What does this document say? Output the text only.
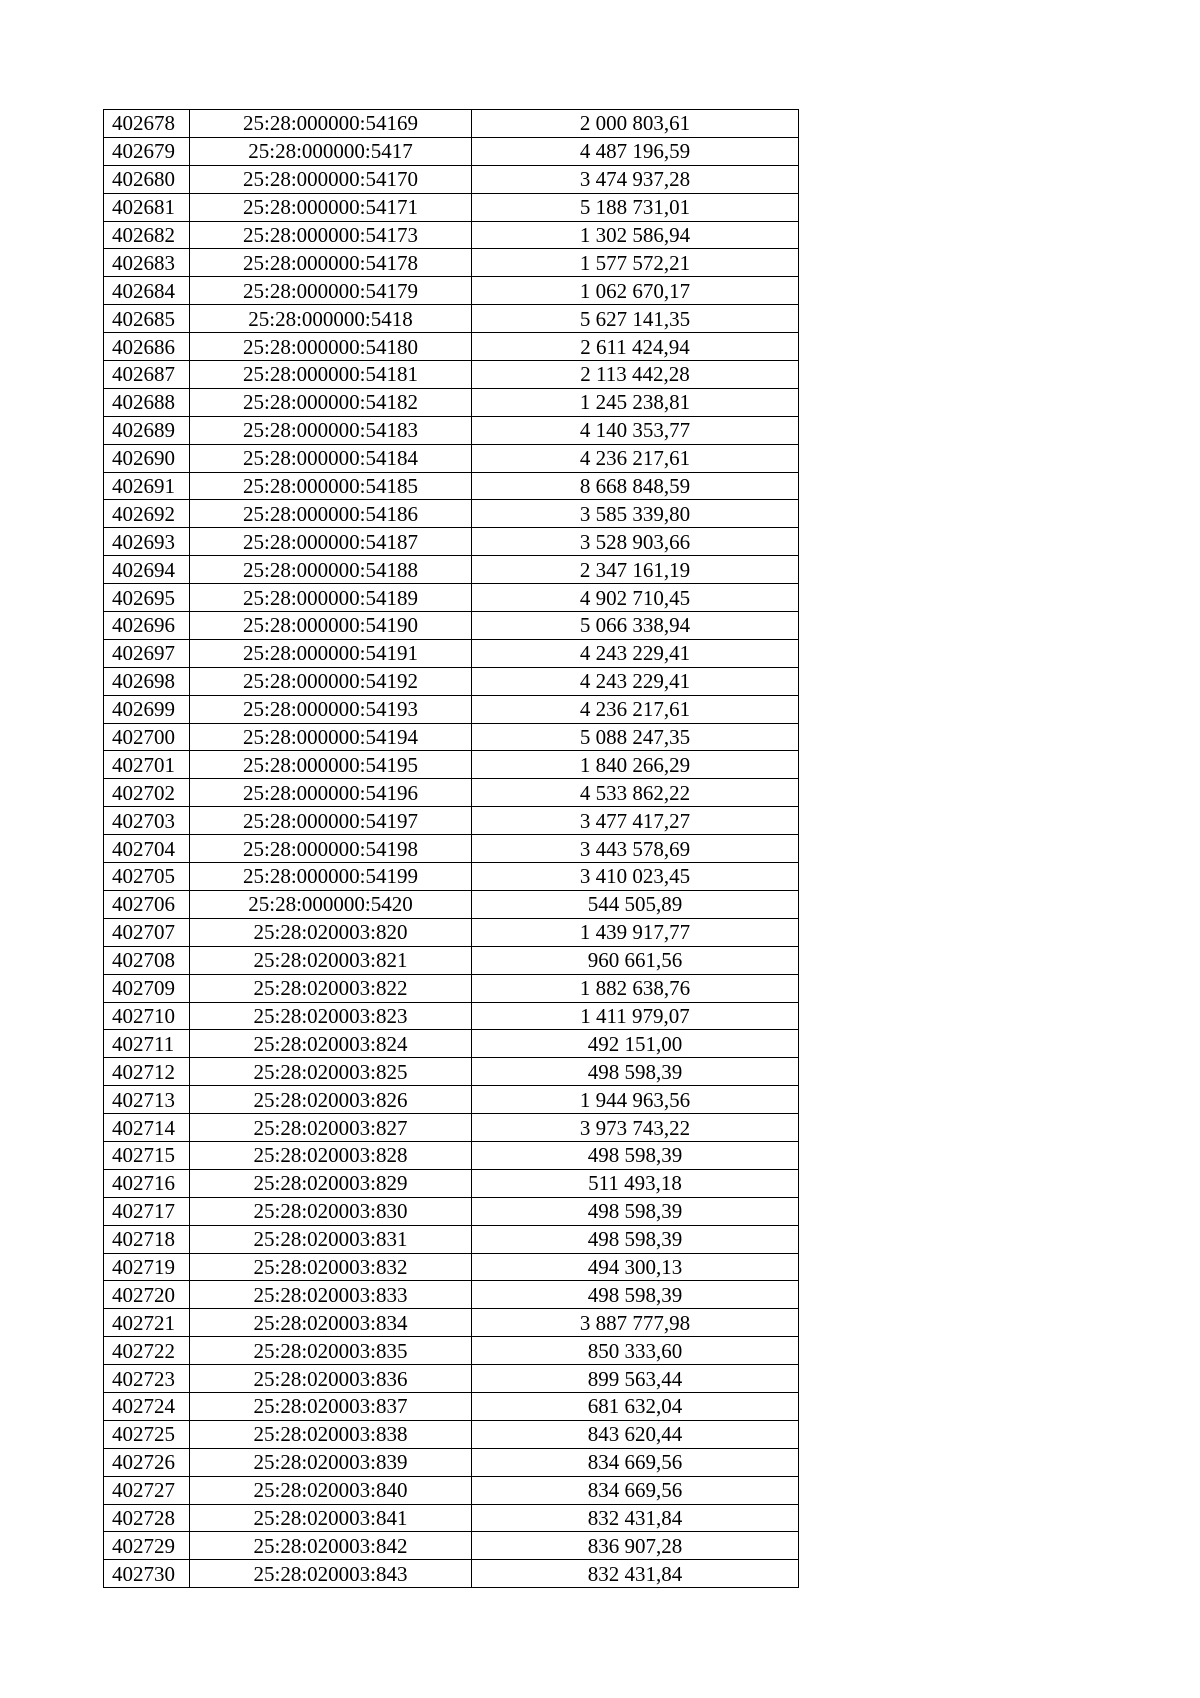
402678	25:28:000000:54169	2 000 803,61
402679	25:28:000000:5417	4 487 196,59
402680	25:28:000000:54170	3 474 937,28
402681	25:28:000000:54171	5 188 731,01
402682	25:28:000000:54173	1 302 586,94
402683	25:28:000000:54178	1 577 572,21
402684	25:28:000000:54179	1 062 670,17
402685	25:28:000000:5418	5 627 141,35
402686	25:28:000000:54180	2 611 424,94
402687	25:28:000000:54181	2 113 442,28
402688	25:28:000000:54182	1 245 238,81
402689	25:28:000000:54183	4 140 353,77
402690	25:28:000000:54184	4 236 217,61
402691	25:28:000000:54185	8 668 848,59
402692	25:28:000000:54186	3 585 339,80
402693	25:28:000000:54187	3 528 903,66
402694	25:28:000000:54188	2 347 161,19
402695	25:28:000000:54189	4 902 710,45
402696	25:28:000000:54190	5 066 338,94
402697	25:28:000000:54191	4 243 229,41
402698	25:28:000000:54192	4 243 229,41
402699	25:28:000000:54193	4 236 217,61
402700	25:28:000000:54194	5 088 247,35
402701	25:28:000000:54195	1 840 266,29
402702	25:28:000000:54196	4 533 862,22
402703	25:28:000000:54197	3 477 417,27
402704	25:28:000000:54198	3 443 578,69
402705	25:28:000000:54199	3 410 023,45
402706	25:28:000000:5420	544 505,89
402707	25:28:020003:820	1 439 917,77
402708	25:28:020003:821	960 661,56
402709	25:28:020003:822	1 882 638,76
402710	25:28:020003:823	1 411 979,07
402711	25:28:020003:824	492 151,00
402712	25:28:020003:825	498 598,39
402713	25:28:020003:826	1 944 963,56
402714	25:28:020003:827	3 973 743,22
402715	25:28:020003:828	498 598,39
402716	25:28:020003:829	511 493,18
402717	25:28:020003:830	498 598,39
402718	25:28:020003:831	498 598,39
402719	25:28:020003:832	494 300,13
402720	25:28:020003:833	498 598,39
402721	25:28:020003:834	3 887 777,98
402722	25:28:020003:835	850 333,60
402723	25:28:020003:836	899 563,44
402724	25:28:020003:837	681 632,04
402725	25:28:020003:838	843 620,44
402726	25:28:020003:839	834 669,56
402727	25:28:020003:840	834 669,56
402728	25:28:020003:841	832 431,84
402729	25:28:020003:842	836 907,28
402730	25:28:020003:843	832 431,84
